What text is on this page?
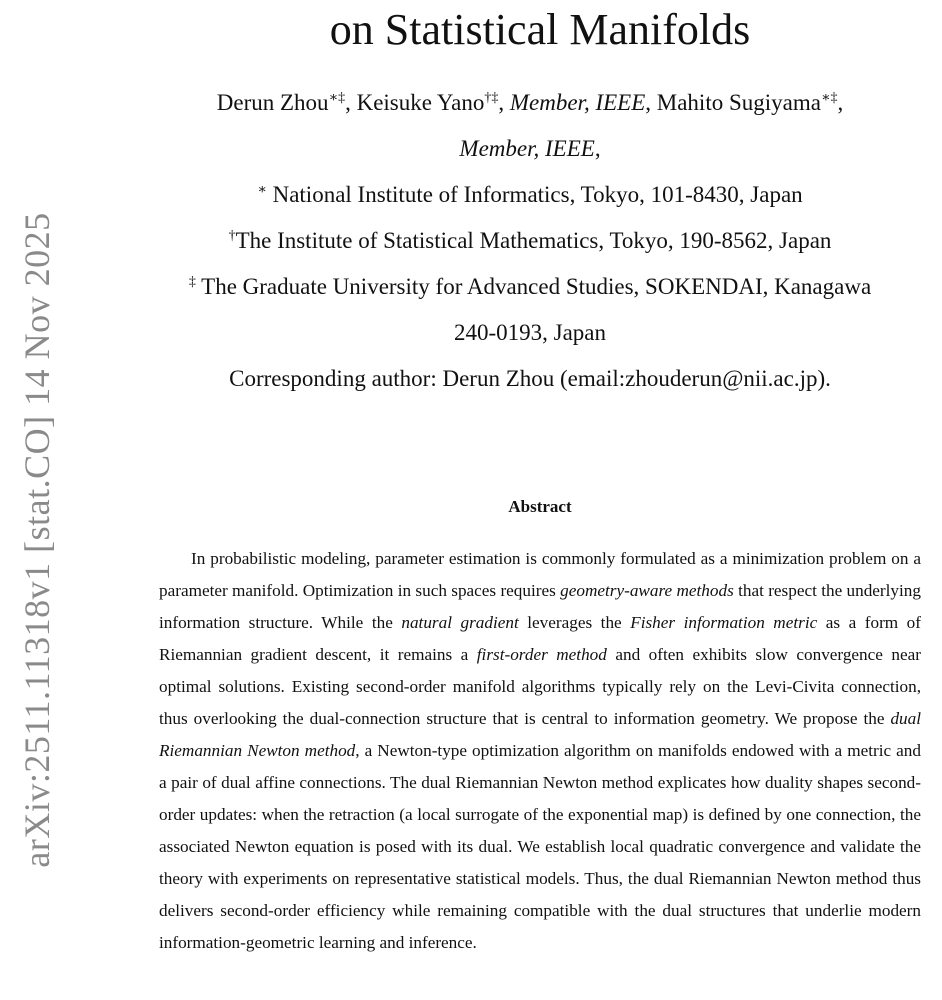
arXiv:2511.11318v1 [stat.CO] 14 Nov 2025
on Statistical Manifolds
Derun Zhou∗‡, Keisuke Yano†‡, Member, IEEE, Mahito Sugiyama∗‡,
Member, IEEE,
∗ National Institute of Informatics, Tokyo, 101-8430, Japan
†The Institute of Statistical Mathematics, Tokyo, 190-8562, Japan
‡ The Graduate University for Advanced Studies, SOKENDAI, Kanagawa
240-0193, Japan
Corresponding author: Derun Zhou (email:zhouderun@nii.ac.jp).
Abstract

In probabilistic modeling, parameter estimation is commonly formulated as a minimization problem on a parameter manifold. Optimization in such spaces requires geometry-aware methods that respect the underlying information structure. While the natural gradient leverages the Fisher information metric as a form of Riemannian gradient descent, it remains a first-order method and often exhibits slow convergence near optimal solutions. Existing second-order manifold algorithms typically rely on the Levi-Civita connection, thus overlooking the dual-connection structure that is central to information geometry. We propose the dual Riemannian Newton method, a Newton-type optimization algorithm on manifolds endowed with a metric and a pair of dual affine connections. The dual Riemannian Newton method explicates how duality shapes second-order updates: when the retraction (a local surrogate of the exponential map) is defined by one connection, the associated Newton equation is posed with its dual. We establish local quadratic convergence and validate the theory with experiments on representative statistical models. Thus, the dual Riemannian Newton method thus delivers second-order efficiency while remaining compatible with the dual structures that underlie modern information-geometric learning and inference.
